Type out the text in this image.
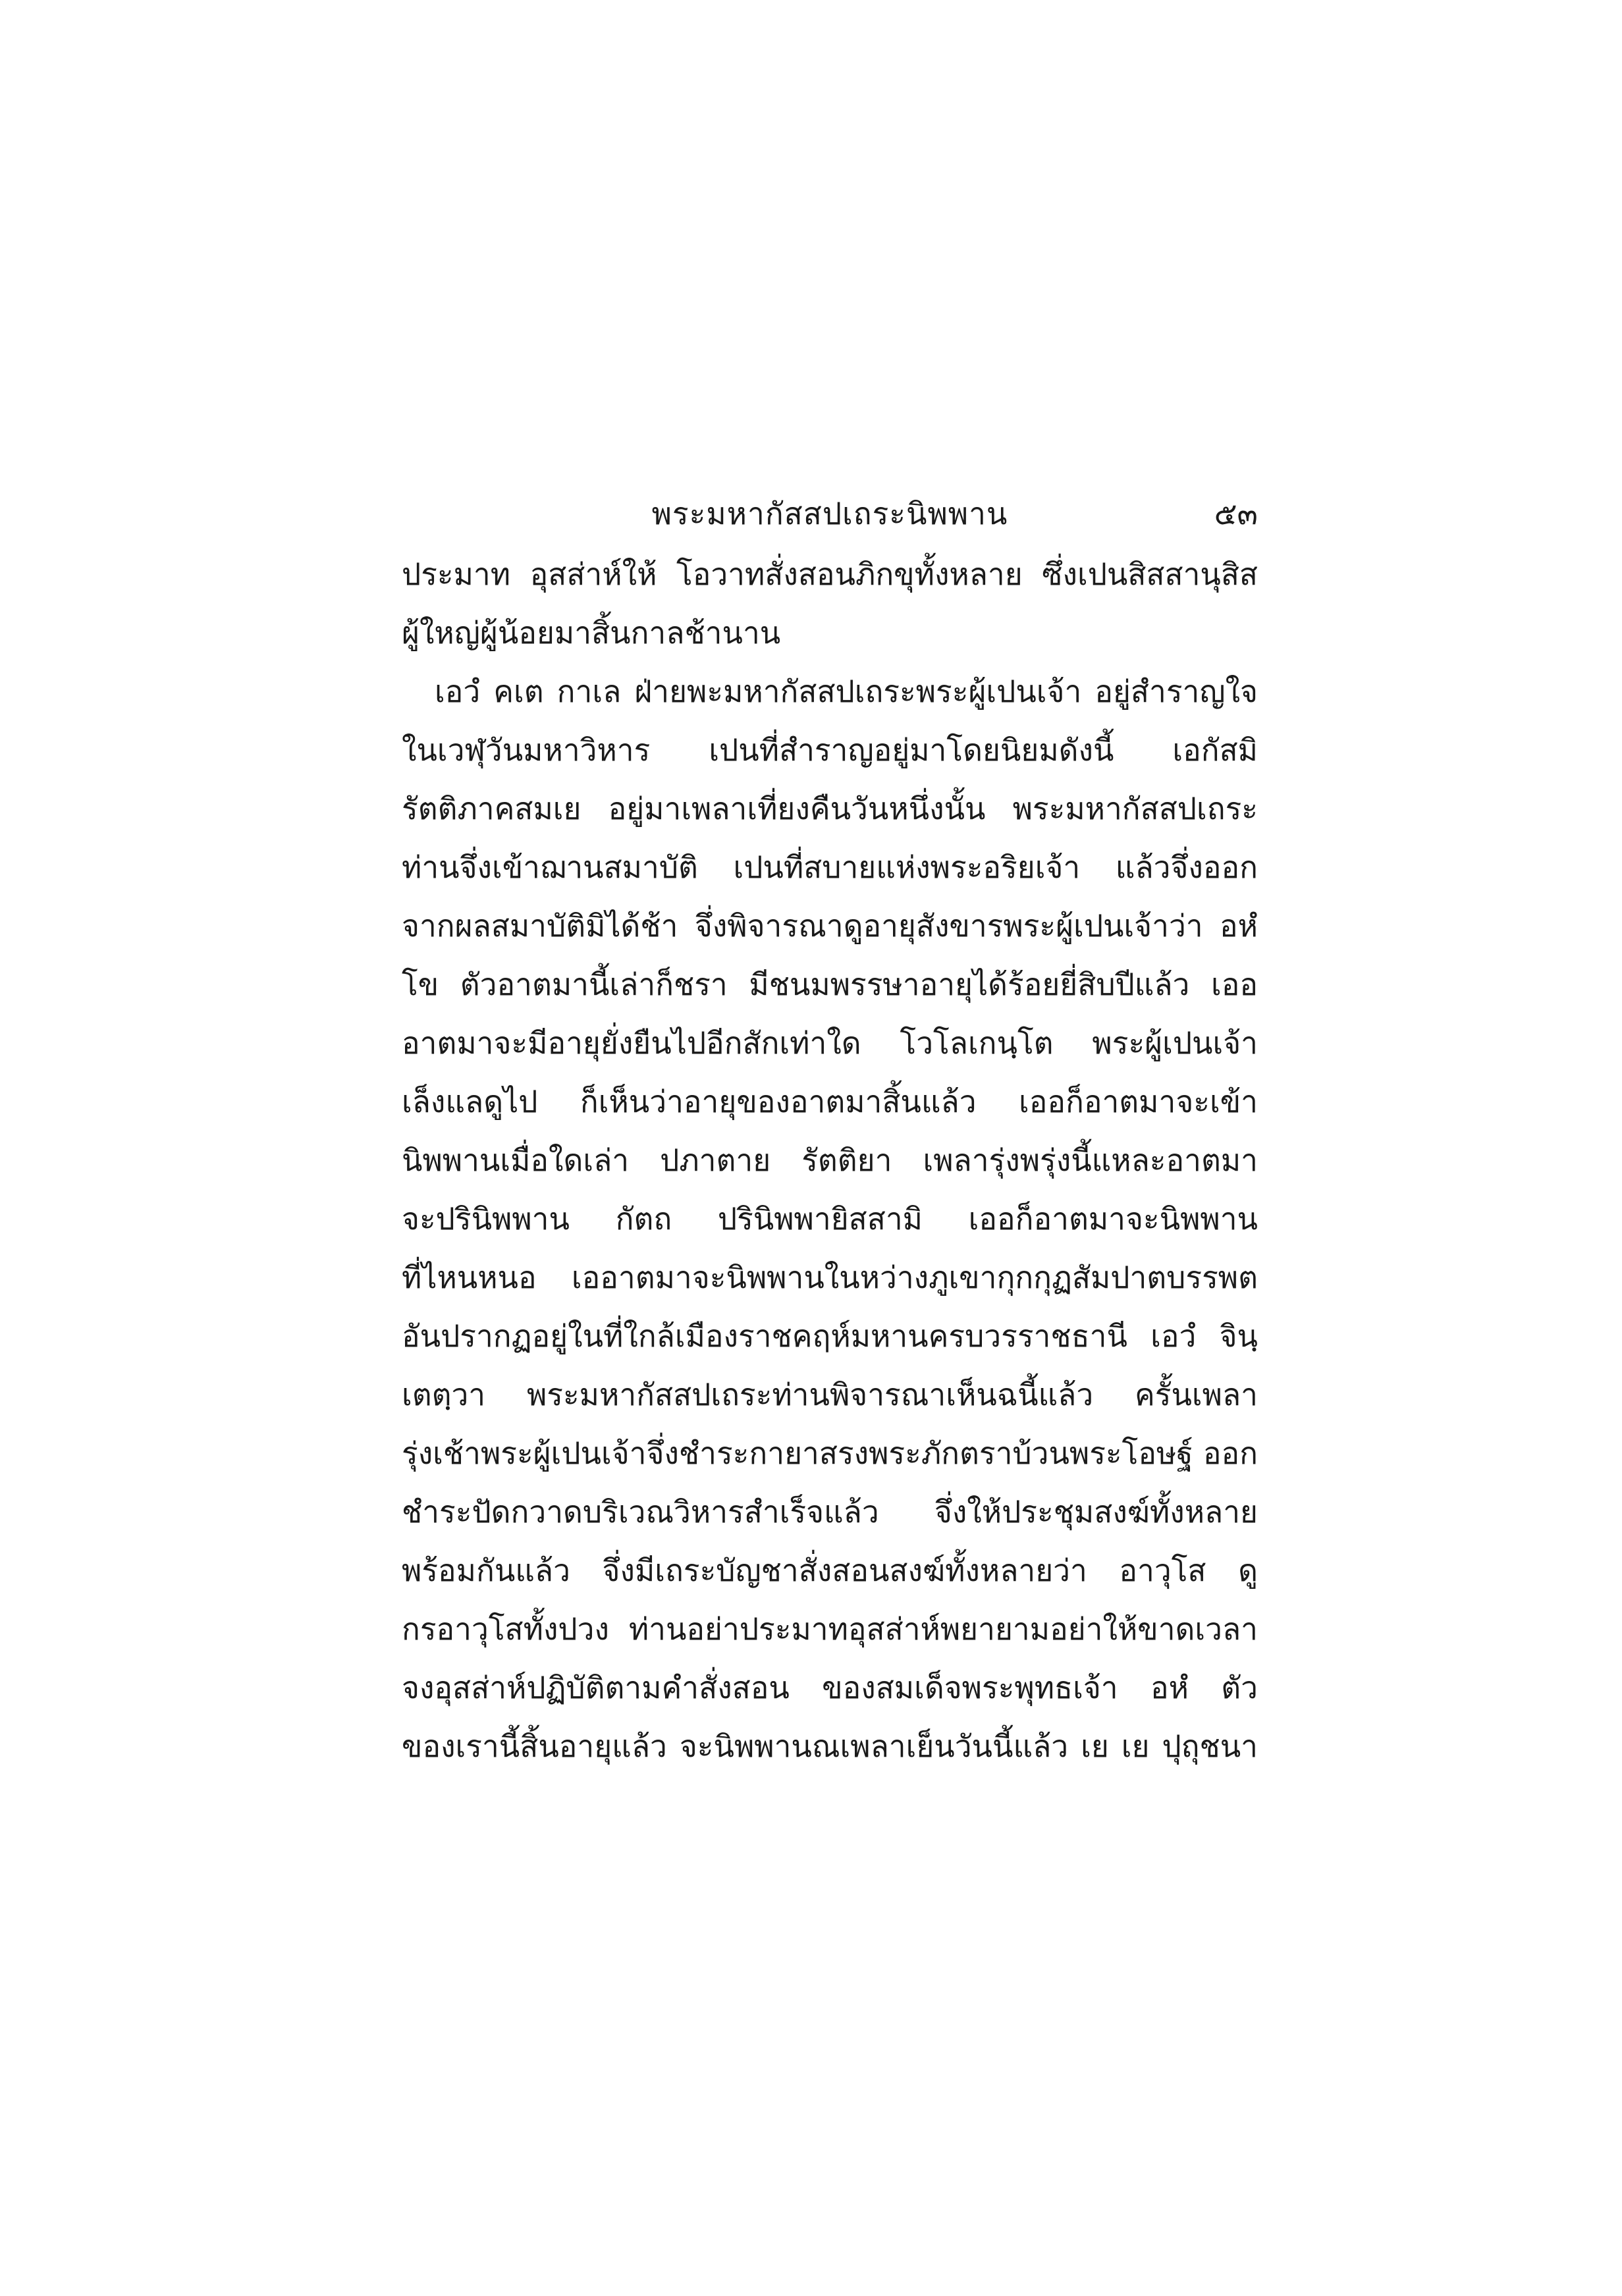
พระมหากัสสปเถระนิพพาน	๕๓
ประมาท อุสส่าห์ให้ โอวาทสั่งสอนภิกขุทั้งหลาย ซึ่งเปนสิสสานุสิส
ผู้ใหญ่ผู้น้อยมาสิ้นกาลช้านาน
เอวํ คเต กาเล ฝ่ายพะมหากัสสปเถระพระผู้เปนเจ้า อยู่สำราญใจ
ในเวฬุวันมหาวิหาร เปนที่สำราญอยู่มาโดยนิยมดังนี้ เอกัสมิ
รัตติภาคสมเย อยู่มาเพลาเที่ยงคืนวันหนึ่งนั้น พระมหากัสสปเถระ
ท่านจึ่งเข้าฌานสมาบัติ เปนที่สบายแห่งพระอริยเจ้า แล้วจึ่งออก
จากผลสมาบัติมิได้ช้า จึ่งพิจารณาดูอายุสังขารพระผู้เปนเจ้าว่า อหํ
โข ตัวอาตมานี้เล่าก็ชรา มีชนมพรรษาอายุได้ร้อยยี่สิบปีแล้ว เออ
อาตมาจะมีอายุยั่งยืนไปอีกสักเท่าใด โวโลเกนฺโต พระผู้เปนเจ้า
เล็งแลดูไป ก็เห็นว่าอายุของอาตมาสิ้นแล้ว เออก็อาตมาจะเข้า
นิพพานเมื่อใดเล่า ปภาตาย รัตติยา เพลารุ่งพรุ่งนี้แหละอาตมา
จะปรินิพพาน กัตถ ปรินิพพายิสสามิ เออก็อาตมาจะนิพพาน
ที่ไหนหนอ เออาตมาจะนิพพานในหว่างภูเขากุกกุฏสัมปาตบรรพต
อันปรากฏอยู่ในที่ใกล้เมืองราชคฤห์มหานครบวรราชธานี เอวํ จินฺ
เตตฺวา พระมหากัสสปเถระท่านพิจารณาเห็นฉนี้แล้ว ครั้นเพลา
รุ่งเช้าพระผู้เปนเจ้าจึ่งชำระกายาสรงพระภักตราบ้วนพระโอษฐ์ ออก
ชำระปัดกวาดบริเวณวิหารสำเร็จแล้ว จึ่งให้ประชุมสงฆ์ทั้งหลาย
พร้อมกันแล้ว จึ่งมีเถระบัญชาสั่งสอนสงฆ์ทั้งหลายว่า อาวุโส ดู
กรอาวุโสทั้งปวง ท่านอย่าประมาทอุสส่าห์พยายามอย่าให้ขาดเวลา
จงอุสส่าห์ปฏิบัติตามคำสั่งสอน ของสมเด็จพระพุทธเจ้า อหํ ตัว
ของเรานี้สิ้นอายุแล้ว จะนิพพานณเพลาเย็นวันนี้แล้ว เย เย ปุถุชนา
